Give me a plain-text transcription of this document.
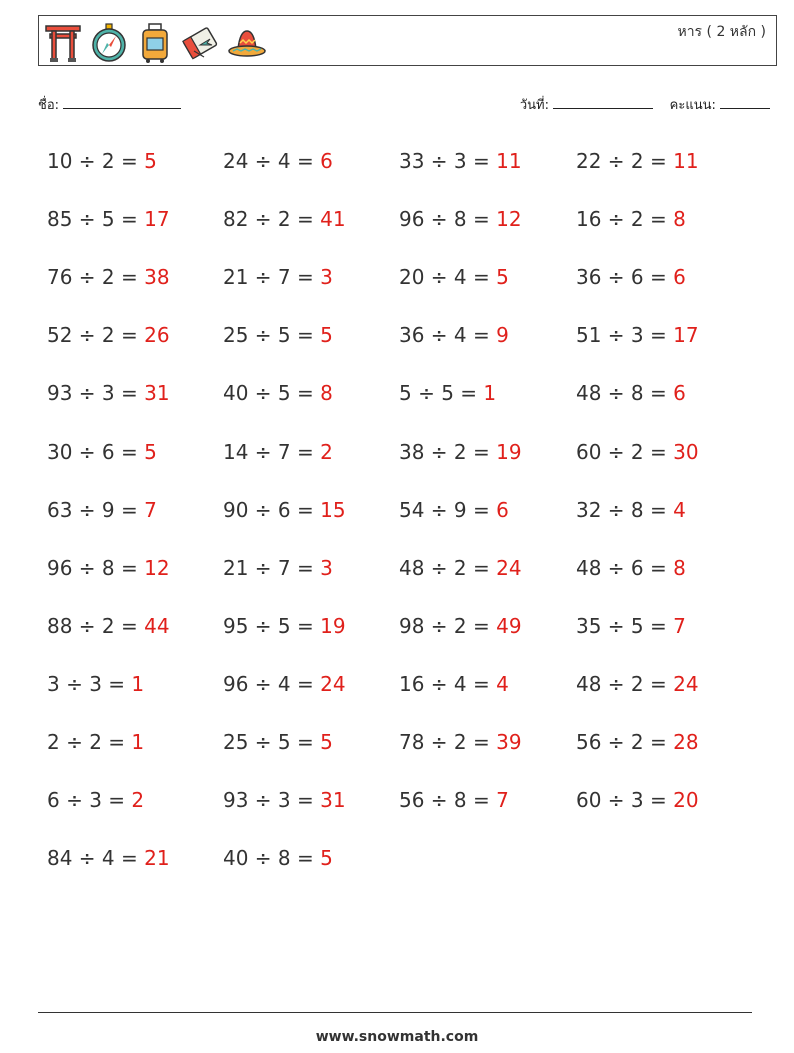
หาร ( 2 หลัก )
ชื่อ:	วันที่:	คะแนน:
10 ÷ 2 = 5	24 ÷ 4 = 6	33 ÷ 3 = 11	22 ÷ 2 = 11
85 ÷ 5 = 17	82 ÷ 2 = 41	96 ÷ 8 = 12	16 ÷ 2 = 8
76 ÷ 2 = 38	21 ÷ 7 = 3	20 ÷ 4 = 5	36 ÷ 6 = 6
52 ÷ 2 = 26	25 ÷ 5 = 5	36 ÷ 4 = 9	51 ÷ 3 = 17
93 ÷ 3 = 31	40 ÷ 5 = 8	5 ÷ 5 = 1	48 ÷ 8 = 6
30 ÷ 6 = 5	14 ÷ 7 = 2	38 ÷ 2 = 19	60 ÷ 2 = 30
63 ÷ 9 = 7	90 ÷ 6 = 15	54 ÷ 9 = 6	32 ÷ 8 = 4
96 ÷ 8 = 12	21 ÷ 7 = 3	48 ÷ 2 = 24	48 ÷ 6 = 8
88 ÷ 2 = 44	95 ÷ 5 = 19	98 ÷ 2 = 49	35 ÷ 5 = 7
3 ÷ 3 = 1	96 ÷ 4 = 24	16 ÷ 4 = 4	48 ÷ 2 = 24
2 ÷ 2 = 1	25 ÷ 5 = 5	78 ÷ 2 = 39	56 ÷ 2 = 28
6 ÷ 3 = 2	93 ÷ 3 = 31	56 ÷ 8 = 7	60 ÷ 3 = 20
84 ÷ 4 = 21	40 ÷ 8 = 5
www.snowmath.com
